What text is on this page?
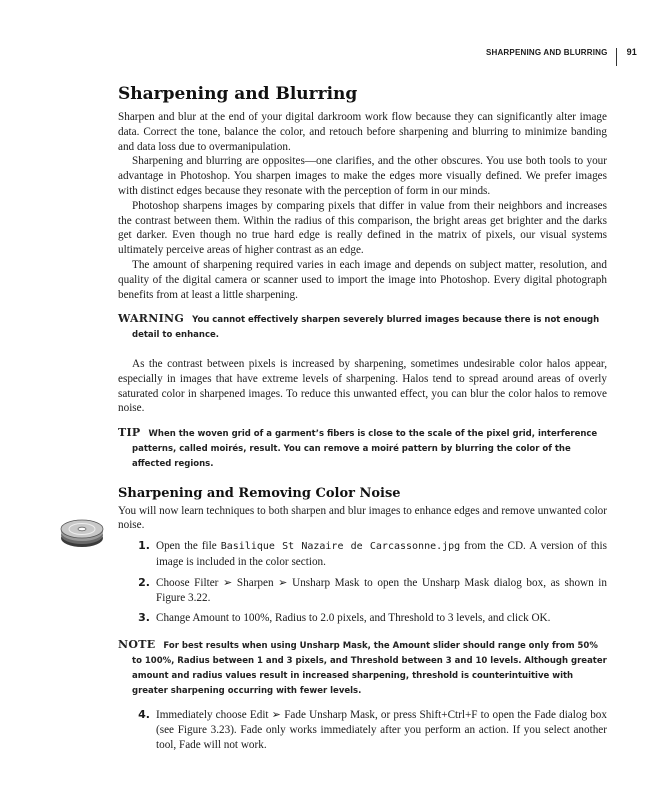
SHARPENING AND BLURRING	91
Sharpening and Blurring

Sharpen and blur at the end of your digital darkroom work flow because they can significantly alter image data. Correct the tone, balance the color, and retouch before sharpening and blurring to minimize banding and data loss due to overmanipulation.

Sharpening and blurring are opposites—one clarifies, and the other obscures. You use both tools to your advantage in Photoshop. You sharpen images to make the edges more visually defined. We prefer images with distinct edges because they resonate with the perception of form in our minds.

Photoshop sharpens images by comparing pixels that differ in value from their neighbors and increases the contrast between them. Within the radius of this comparison, the bright areas get brighter and the darks get darker. Even though no true hard edge is really defined in the matrix of pixels, our visual systems ultimately perceive areas of higher contrast as an edge.

The amount of sharpening required varies in each image and depends on subject matter, resolution, and quality of the digital camera or scanner used to import the image into Photoshop. Every digital photograph benefits from at least a little sharpening.

WARNING You cannot effectively sharpen severely blurred images because there is not enough detail to enhance.

As the contrast between pixels is increased by sharpening, sometimes undesirable color halos appear, especially in images that have extreme levels of sharpening. Halos tend to spread around areas of overly saturated color in sharpened images. To reduce this unwanted effect, you can blur the color halos to remove noise.

TIP When the woven grid of a garment’s fibers is close to the scale of the pixel grid, interference patterns, called moirés, result. You can remove a moiré pattern by blurring the color of the affected regions.
Sharpening and Removing Color Noise

You will now learn techniques to both sharpen and blur images to enhance edges and remove unwanted color noise.

1. Open the file Basilique St Nazaire de Carcassonne.jpg from the CD. A version of this image is included in the color section.
2. Choose Filter ➢ Sharpen ➢ Unsharp Mask to open the Unsharp Mask dialog box, as shown in Figure 3.22.
3. Change Amount to 100%, Radius to 2.0 pixels, and Threshold to 3 levels, and click OK.
NOTE For best results when using Unsharp Mask, the Amount slider should range only from 50% to 100%, Radius between 1 and 3 pixels, and Threshold between 3 and 10 levels. Although greater amount and radius values result in increased sharpening, threshold is counterintuitive with greater sharpening occurring with fewer levels.
4. Immediately choose Edit ➢ Fade Unsharp Mask, or press Shift+Ctrl+F to open the Fade dialog box (see Figure 3.23). Fade only works immediately after you perform an action. If you select another tool, Fade will not work.
